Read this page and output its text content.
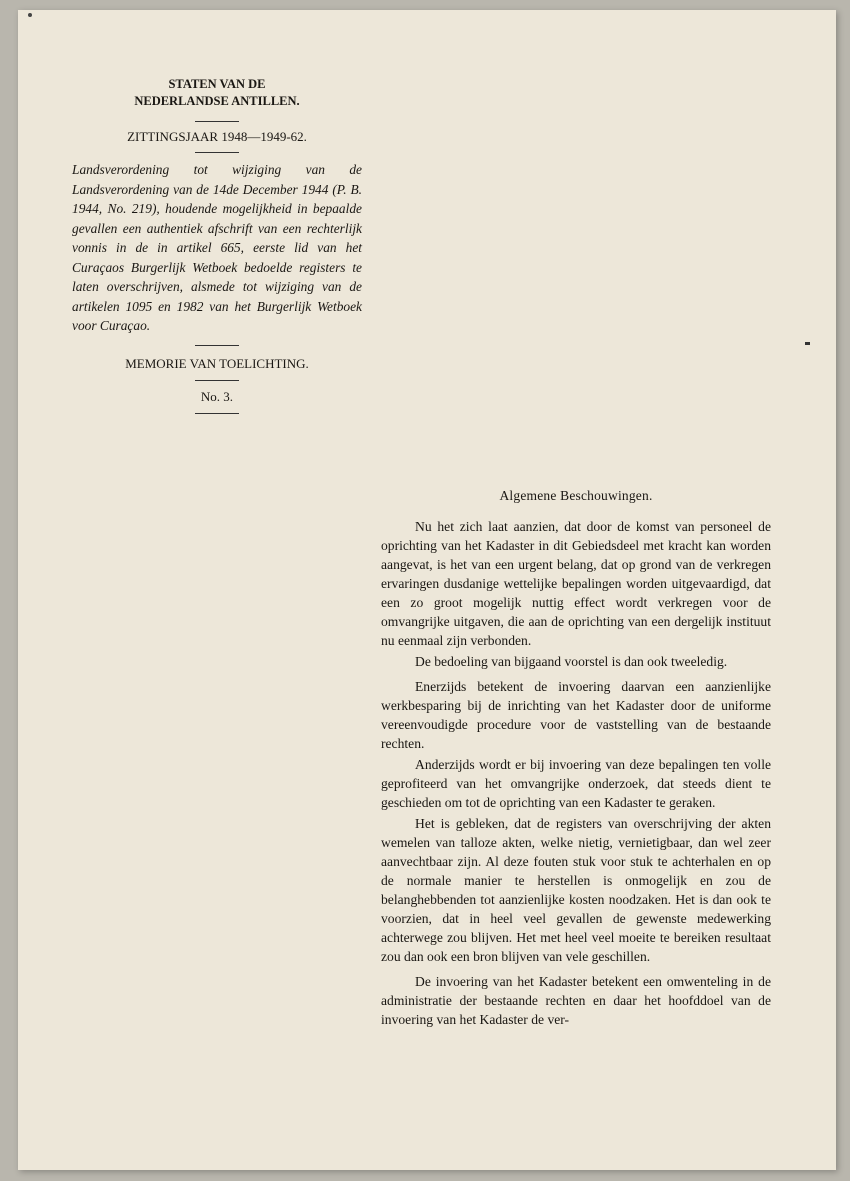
STATEN VAN DE

NEDERLANDSE ANTILLEN.

ZITTINGSJAAR 1948—1949-62.

Landsverordening tot wijziging van de Landsverordening van de 14de December 1944 (P. B. 1944, No. 219), houdende mogelijkheid in bepaalde gevallen een authentiek afschrift van een rechterlijk vonnis in de in artikel 665, eerste lid van het Curaçaos Burgerlijk Wetboek bedoelde registers te laten overschrijven, alsmede tot wijziging van de artikelen 1095 en 1982 van het Burgerlijk Wetboek voor Curaçao.

MEMORIE VAN TOELICHTING.

No. 3.

Algemene Beschouwingen.

Nu het zich laat aanzien, dat door de komst van personeel de oprichting van het Kadaster in dit Gebiedsdeel met kracht kan worden aangevat, is het van een urgent belang, dat op grond van de verkregen ervaringen dusdanige wettelijke bepalingen worden uitgevaardigd, dat een zo groot mogelijk nuttig effect wordt verkregen voor de omvangrijke uitgaven, die aan de oprichting van een dergelijk instituut nu eenmaal zijn verbonden.

De bedoeling van bijgaand voorstel is dan ook tweeledig.

Enerzijds betekent de invoering daarvan een aanzienlijke werkbesparing bij de inrichting van het Kadaster door de uniforme vereenvoudigde procedure voor de vaststelling van de bestaande rechten.

Anderzijds wordt er bij invoering van deze bepalingen ten volle geprofiteerd van het omvangrijke onderzoek, dat steeds dient te geschieden om tot de oprichting van een Kadaster te geraken.

Het is gebleken, dat de registers van overschrijving der akten wemelen van talloze akten, welke nietig, vernietigbaar, dan wel zeer aanvechtbaar zijn. Al deze fouten stuk voor stuk te achterhalen en op de normale manier te herstellen is onmogelijk en zou de belanghebbenden tot aanzienlijke kosten noodzaken. Het is dan ook te voorzien, dat in heel veel gevallen de gewenste medewerking achterwege zou blijven. Het met heel veel moeite te bereiken resultaat zou dan ook een bron blijven van vele geschillen.

De invoering van het Kadaster betekent een omwenteling in de administratie der bestaande rechten en daar het hoofddoel van de invoering van het Kadaster de ver-
